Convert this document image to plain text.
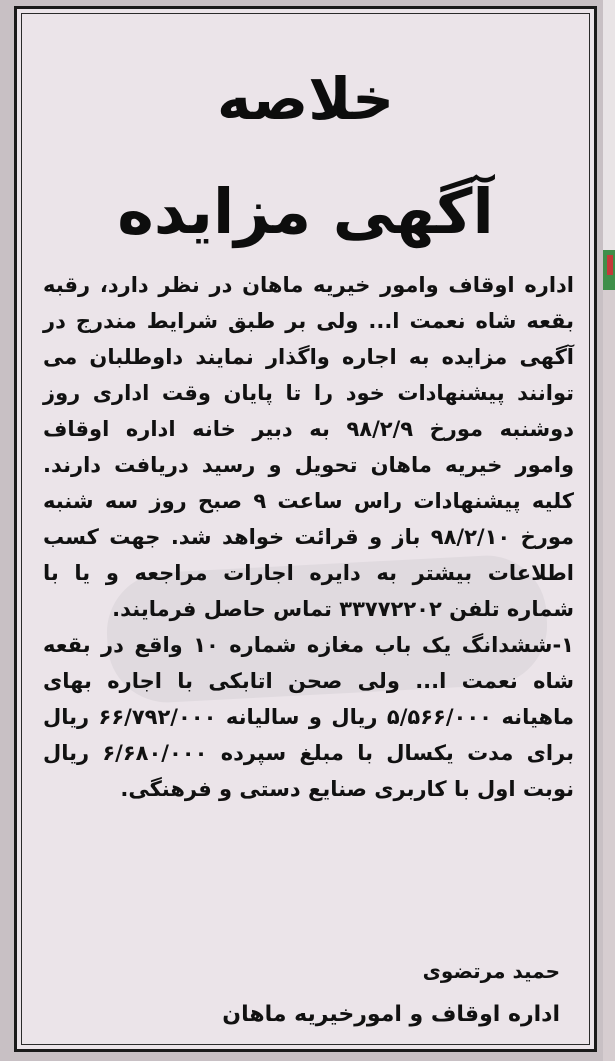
خلاصه
آگهی مزایده

اداره اوقاف وامور خیریه ماهان در نظر دارد، رقبه بقعه شاه نعمت ا... ولی بر طبق شرایط مندرج در آگهی مزایده به اجاره واگذار نمایند داوطلبان می توانند پیشنهادات خود را تا پایان وقت اداری روز دوشنبه مورخ ۹۸/۲/۹ به دبیر خانه اداره اوقاف وامور خیریه ماهان تحویل و رسید دریافت دارند. کلیه پیشنهادات راس ساعت ۹ صبح روز سه شنبه مورخ ۹۸/۲/۱۰ باز و قرائت خواهد شد. جهت کسب اطلاعات بیشتر به دایره اجارات مراجعه و یا با شماره تلفن ۳۳۷۷۲۲۰۲ تماس حاصل فرمایند.

۱-ششدانگ یک باب مغازه شماره ۱۰ واقع در بقعه شاه نعمت ا... ولی صحن اتابکی با اجاره بهای ماهیانه ۵/۵۶۶/۰۰۰ ریال و سالیانه ۶۶/۷۹۲/۰۰۰ ریال برای مدت یکسال با مبلغ سپرده ۶/۶۸۰/۰۰۰ ریال نوبت اول با کاربری صنایع دستی و فرهنگی.

حمید مرتضوی
اداره اوقاف و امورخیریه ماهان
